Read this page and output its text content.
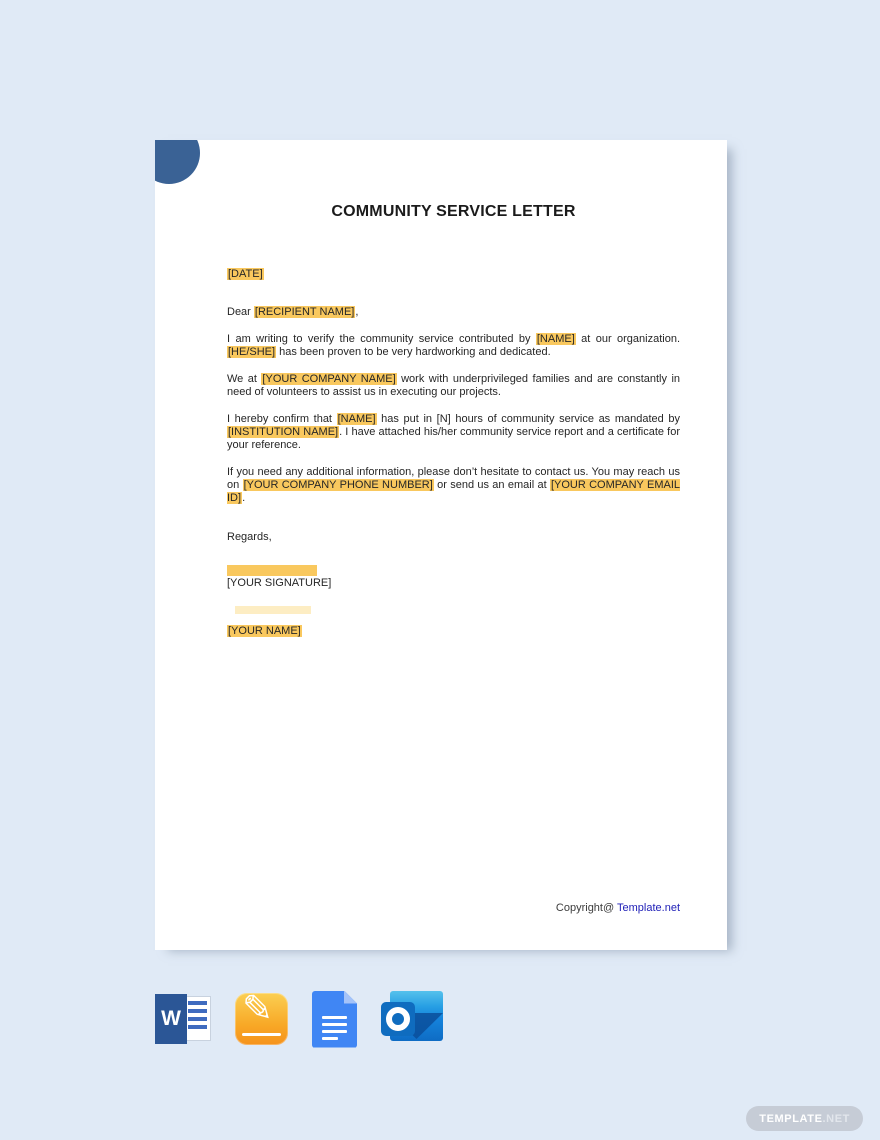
COMMUNITY SERVICE LETTER

[DATE]

Dear [RECIPIENT NAME],

I am writing to verify the community service contributed by [NAME] at our organization. [HE/SHE] has been proven to be very hardworking and dedicated.

We at [YOUR COMPANY NAME] work with underprivileged families and are constantly in need of volunteers to assist us in executing our projects.

I hereby confirm that [NAME] has put in [N] hours of community service as mandated by [INSTITUTION NAME]. I have attached his/her community service report and a certificate for your reference.

If you need any additional information, please don’t hesitate to contact us. You may reach us on [YOUR COMPANY PHONE NUMBER] or send us an email at [YOUR COMPANY EMAIL ID].

Regards,

[YOUR SIGNATURE]

[YOUR NAME]

Copyright@ Template.net
W ✎
TEMPLATE .NET
